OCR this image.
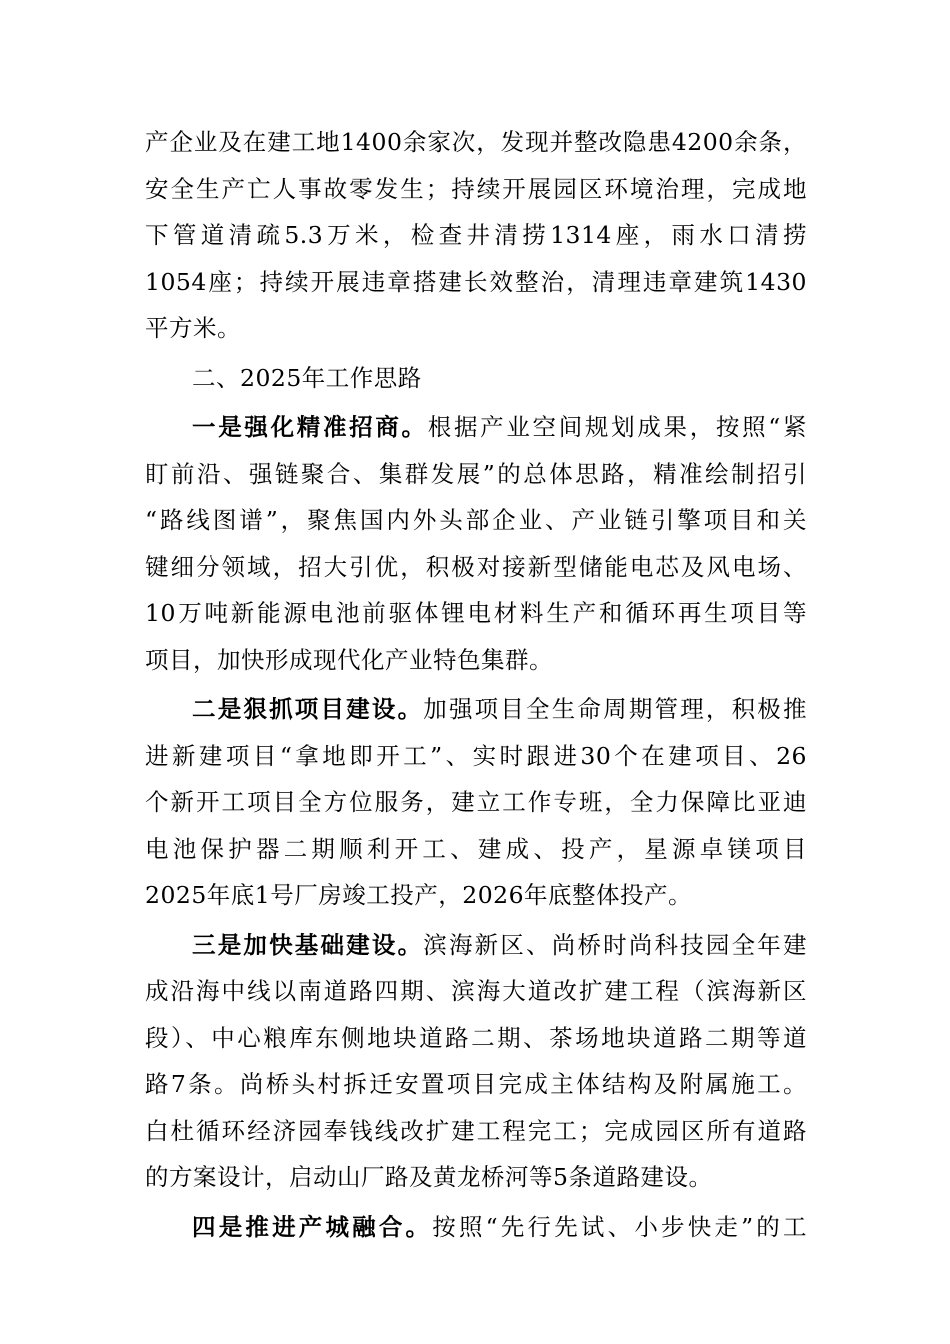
产企业及在建工地1400余家次，发现并整改隐患4200余条，
安全生产亡人事故零发生；持续开展园区环境治理，完成地
下管道清疏5.3万米，检查井清捞1314座，雨水口清捞
1054座；持续开展违章搭建长效整治，清理违章建筑1430
平方米。
二、2025年工作思路
一是强化精准招商。根据产业空间规划成果，按照“紧
盯前沿、强链聚合、集群发展”的总体思路，精准绘制招引
“路线图谱”，聚焦国内外头部企业、产业链引擎项目和关
键细分领域，招大引优，积极对接新型储能电芯及风电场、
10万吨新能源电池前驱体锂电材料生产和循环再生项目等
项目，加快形成现代化产业特色集群。
二是狠抓项目建设。加强项目全生命周期管理，积极推
进新建项目“拿地即开工”、实时跟进30个在建项目、26
个新开工项目全方位服务，建立工作专班，全力保障比亚迪
电池保护器二期顺利开工、建成、投产，星源卓镁项目
2025年底1号厂房竣工投产，2026年底整体投产。
三是加快基础建设。滨海新区、尚桥时尚科技园全年建
成沿海中线以南道路四期、滨海大道改扩建工程（滨海新区
段）、中心粮库东侧地块道路二期、茶场地块道路二期等道
路7条。尚桥头村拆迁安置项目完成主体结构及附属施工。
白杜循环经济园奉钱线改扩建工程完工；完成园区所有道路
的方案设计，启动山厂路及黄龙桥河等5条道路建设。
四是推进产城融合。按照“先行先试、小步快走”的工
